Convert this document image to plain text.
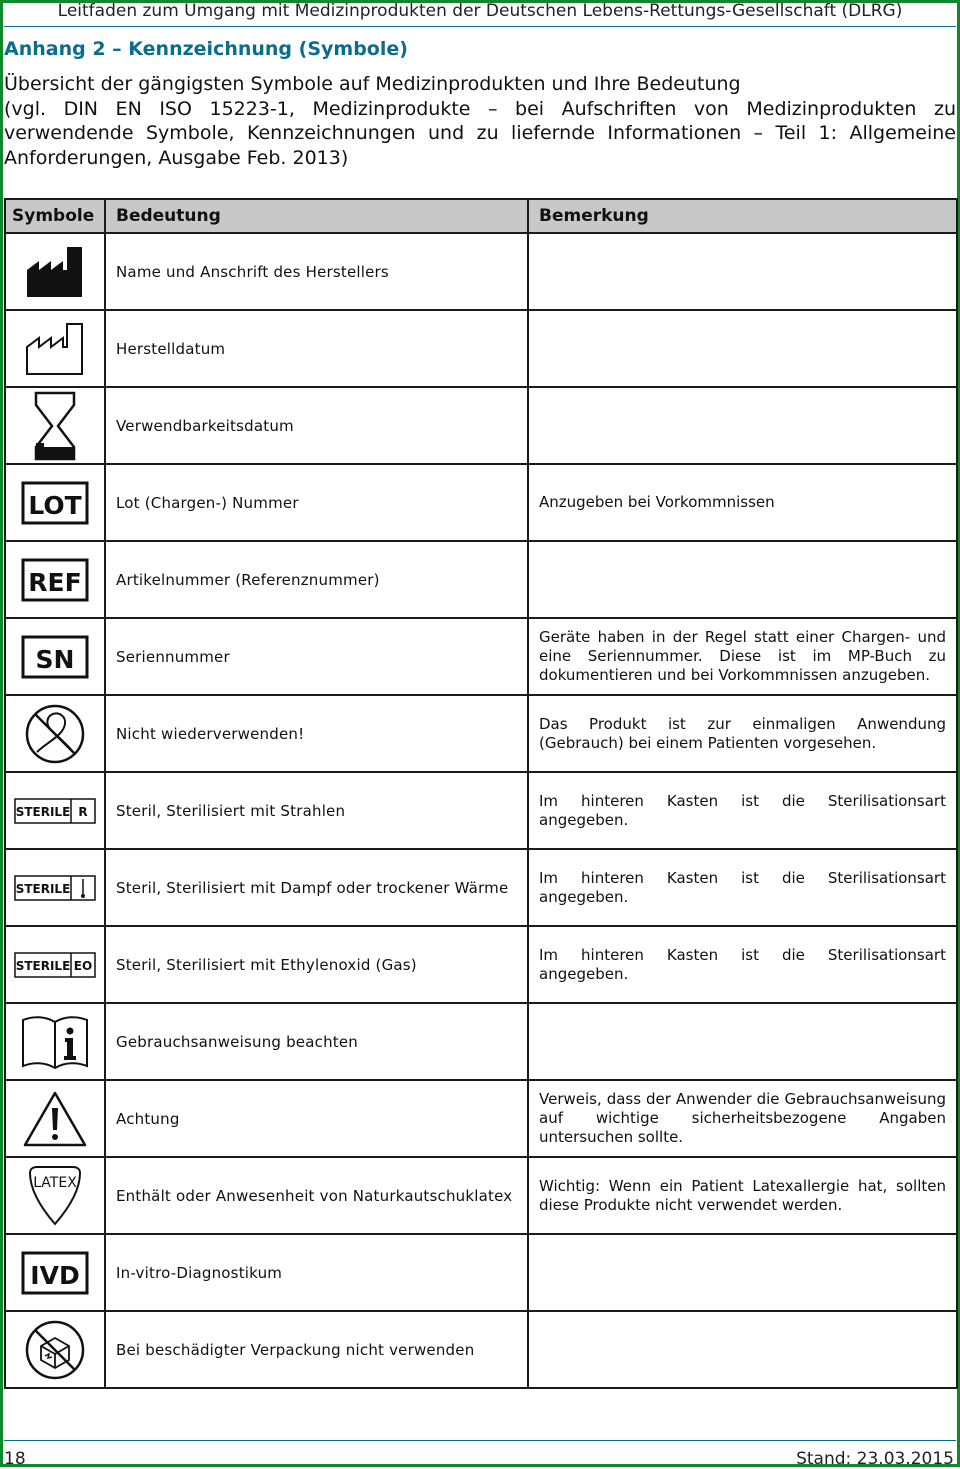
Leitfaden zum Umgang mit Medizinprodukten der Deutschen Lebens-Rettungs-Gesellschaft (DLRG)
Anhang 2 – Kennzeichnung (Symbole)
Übersicht der gängigsten Symbole auf Medizinprodukten und Ihre Bedeutung
(vgl. DIN EN ISO 15223-1, Medizinprodukte – bei Aufschriften von Medizinprodukten zu verwendende Symbole, Kennzeichnungen und zu liefernde Informationen – Teil 1: Allgemeine Anforderungen, Ausgabe Feb. 2013)
Symbole	Bedeutung	Bemerkung

	Name und Anschrift des Herstellers	

	Herstelldatum	

	Verwendbarkeitsdatum	

LOT	Lot (Chargen-) Nummer	Anzugeben bei Vorkommnissen

REF	Artikelnummer (Referenznummer)	

SN	Seriennummer	Geräte haben in der Regel statt einer Chargen- und eine Seriennummer. Diese ist im MP-Buch zu dokumentieren und bei Vorkommnissen anzugeben.

	Nicht wiederverwenden!	Das Produkt ist zur einmaligen Anwendung (Gebrauch) bei einem Patienten vorgesehen.

STERILE R	Steril, Sterilisiert mit Strahlen	Im hinteren Kasten ist die Sterilisationsart angegeben.

STERILE	Steril, Sterilisiert mit Dampf oder trockener Wärme	Im hinteren Kasten ist die Sterilisationsart angegeben.

STERILE EO	Steril, Sterilisiert mit Ethylenoxid (Gas)	Im hinteren Kasten ist die Sterilisationsart angegeben.

	Gebrauchsanweisung beachten	

	Achtung	Verweis, dass der Anwender die Gebrauchsanweisung auf wichtige sicherheitsbezogene Angaben untersuchen sollte.

LATEX	Enthält oder Anwesenheit von Naturkautschuklatex	Wichtig: Wenn ein Patient Latexallergie hat, sollten diese Produkte nicht verwendet werden.

IVD	In-vitro-Diagnostikum	

	Bei beschädigter Verpackung nicht verwenden	
18	Stand: 23.03.2015
